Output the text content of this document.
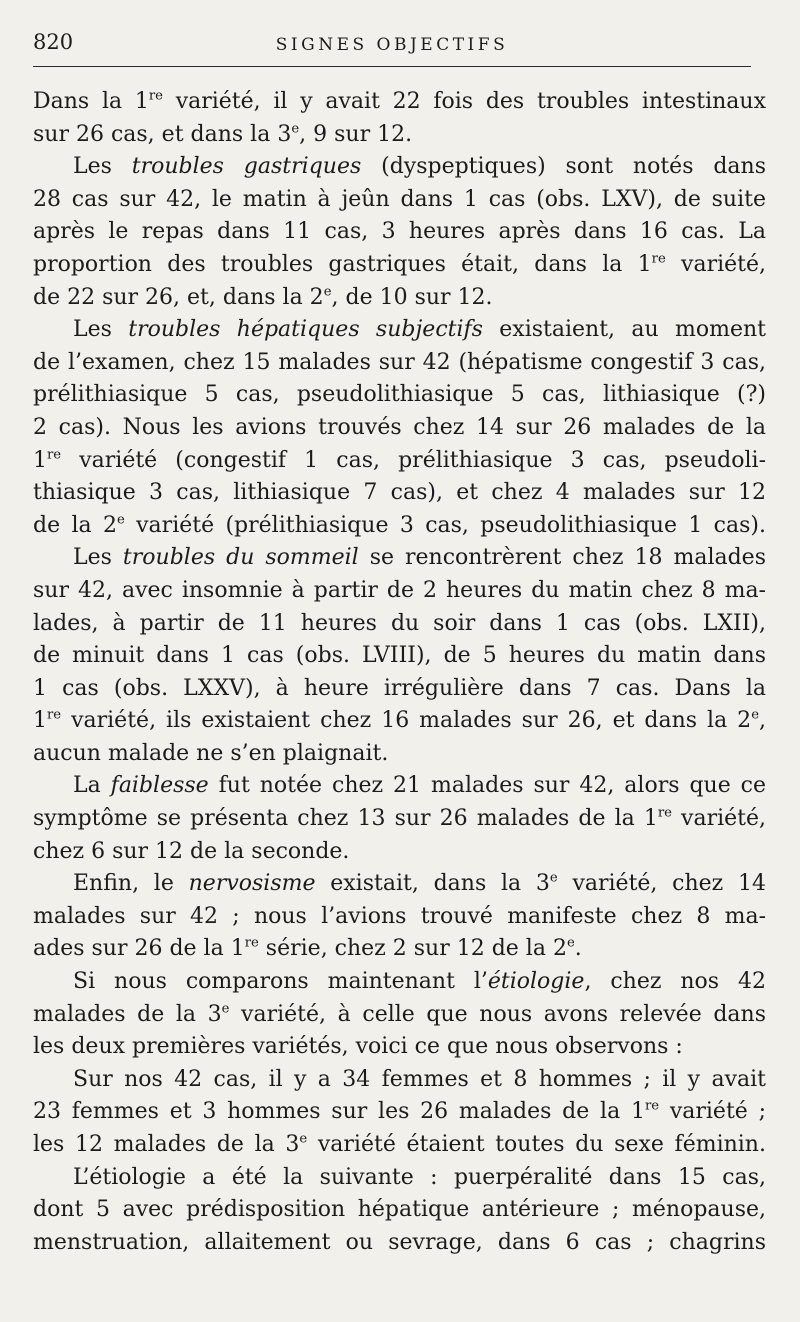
820	SIGNES OBJECTIFS
Dans la 1re variété, il y avait 22 fois des troubles intestinaux
sur 26 cas, et dans la 3e, 9 sur 12.
Les troubles gastriques (dyspeptiques) sont notés dans
28 cas sur 42, le matin à jeûn dans 1 cas (obs. LXV), de suite
après le repas dans 11 cas, 3 heures après dans 16 cas. La
proportion des troubles gastriques était, dans la 1re variété,
de 22 sur 26, et, dans la 2e, de 10 sur 12.
Les troubles hépatiques subjectifs existaient, au moment
de l’examen, chez 15 malades sur 42 (hépatisme congestif 3 cas,
prélithiasique 5 cas, pseudolithiasique 5 cas, lithiasique (?)
2 cas). Nous les avions trouvés chez 14 sur 26 malades de la
1re variété (congestif 1 cas, prélithiasique 3 cas, pseudoli-
thiasique 3 cas, lithiasique 7 cas), et chez 4 malades sur 12
de la 2e variété (prélithiasique 3 cas, pseudolithiasique 1 cas).
Les troubles du sommeil se rencontrèrent chez 18 malades
sur 42, avec insomnie à partir de 2 heures du matin chez 8 ma-
lades, à partir de 11 heures du soir dans 1 cas (obs. LXII),
de minuit dans 1 cas (obs. LVIII), de 5 heures du matin dans
1 cas (obs. LXXV), à heure irrégulière dans 7 cas. Dans la
1re variété, ils existaient chez 16 malades sur 26, et dans la 2e,
aucun malade ne s’en plaignait.
La faiblesse fut notée chez 21 malades sur 42, alors que ce
symptôme se présenta chez 13 sur 26 malades de la 1re variété,
chez 6 sur 12 de la seconde.
Enfin, le nervosisme existait, dans la 3e variété, chez 14
malades sur 42 ; nous l’avions trouvé manifeste chez 8 ma-
ades sur 26 de la 1re série, chez 2 sur 12 de la 2e.
Si nous comparons maintenant l’étiologie, chez nos 42
malades de la 3e variété, à celle que nous avons relevée dans
les deux premières variétés, voici ce que nous observons :
Sur nos 42 cas, il y a 34 femmes et 8 hommes ; il y avait
23 femmes et 3 hommes sur les 26 malades de la 1re variété ;
les 12 malades de la 3e variété étaient toutes du sexe féminin.
L’étiologie a été la suivante : puerpéralité dans 15 cas,
dont 5 avec prédisposition hépatique antérieure ; ménopause,
menstruation, allaitement ou sevrage, dans 6 cas ; chagrins
